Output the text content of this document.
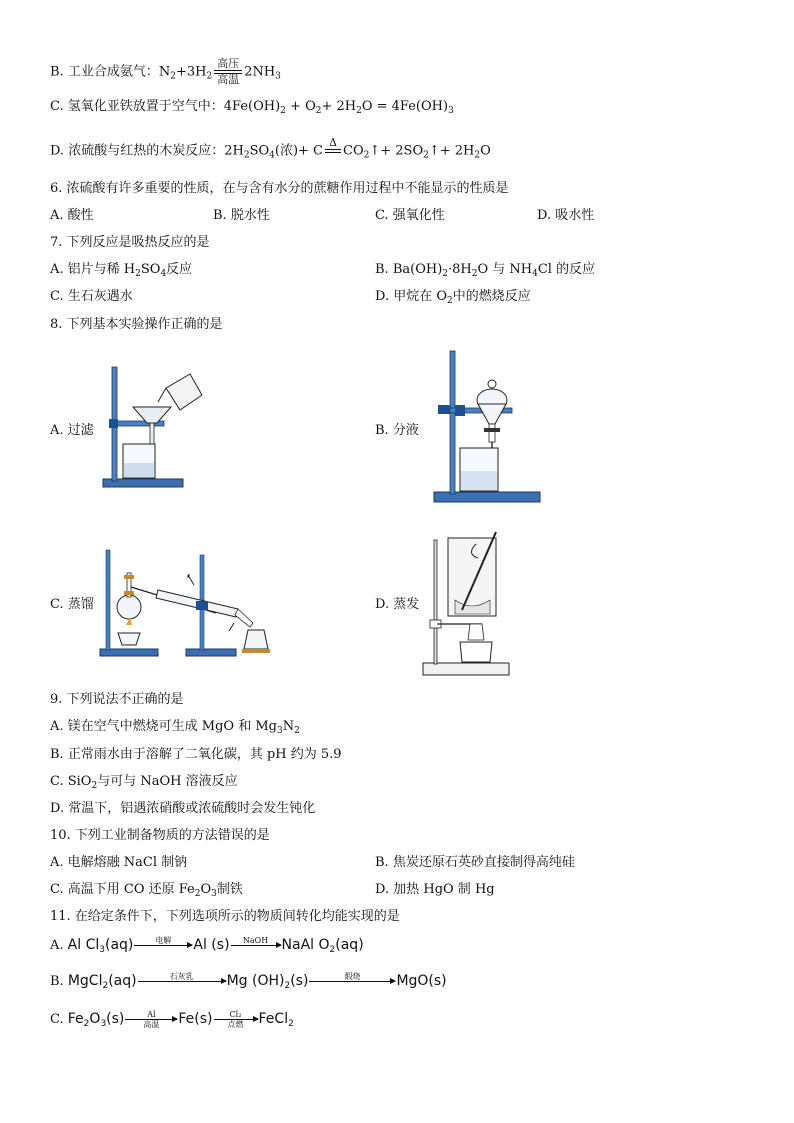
B. 工业合成氨气：$N_2+3H_2$
高压
高温 $2NH_3$
C. 氢氧化亚铁放置于空气中：$4Fe(OH)_2 + O_2+ 2H_2O = 4Fe(OH)_3$
D. 浓硫酸与红热的木炭反应：$2H_2SO_4$(浓)+ C
Δ

$CO_2↑+$ $2SO_2↑+ 2H_2O$
6. 浓硫酸有许多重要的性质，在与含有水分的蔗糖作用过程中不能显示的性质是
A. 酸性	B. 脱水性	C. 强氧化性	D. 吸水性
7. 下列反应是吸热反应的是
A. 铝片与稀 $H_2SO_4$反应	B. $Ba(OH)_2\cdot 8H_2O$ 与 $NH_4Cl$ 的反应
C. 生石灰遇水	D. 甲烷在 $O_2$中的燃烧反应
8. 下列基本实验操作正确的是
A. 过滤	B. 分液
C. 蒸馏	D. 蒸发
9. 下列说法不正确的是
A. 镁在空气中燃烧可生成 MgO 和 $Mg_3N_2$
B. 正常雨水由于溶解了二氧化碳，其 pH 约为 5.9
C. SiO$_2$与可与 NaOH 溶液反应
D. 常温下，铝遇浓硝酸或浓硫酸时会发生钝化
10. 下列工业制备物质的方法错误的是
A. 电解熔融 NaCl 制钠	B. 焦炭还原石英砂直接制得高纯硅
C. 高温下用 CO 还原 $Fe_2O_3$制铁	D. 加热 HgO 制 Hg
11. 在给定条件下，下列选项所示的物质间转化均能实现的是
A. Al $Cl_3(aq)$	电解
	Al (s)	NaOH
NaAl $O_2(aq)$
B. MgCl$_2$(aq)	石灰乳
	Mg $(OH)_2(s)$	煅烧
	MgO(s)
C. $Fe_2O_3(s)$	Al
高温	Fe(s)	Cl₂
点燃	FeCl$_2$
